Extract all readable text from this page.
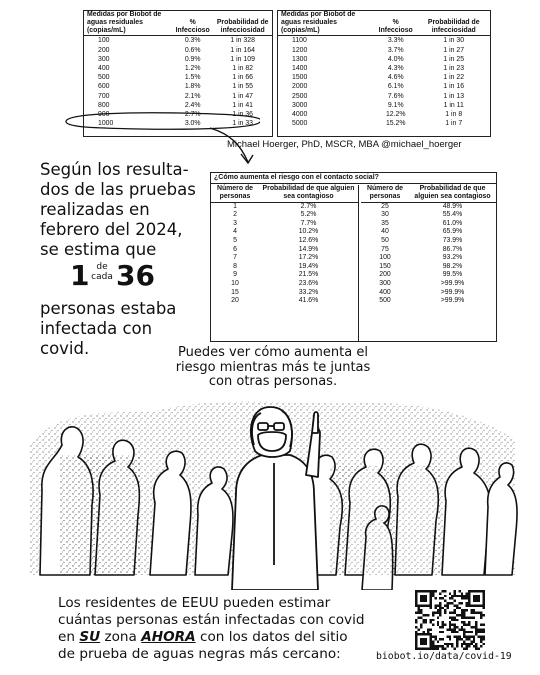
Medidas por Biobot de aguas residuales (copias/mL)	% Infeccioso	Probabilidad de infecciosidad
100	0.3%	1 in 328
200	0.6%	1 in 164
300	0.9%	1 in 109
400	1.2%	1 in 82
500	1.5%	1 in 66
600	1.8%	1 in 55
700	2.1%	1 in 47
800	2.4%	1 in 41
900	2.7%	1 in 36
1000	3.0%	1 in 33
Medidas por Biobot de aguas residuales (copias/mL)	% Infeccioso	Probabilidad de infecciosidad
1100	3.3%	1 in 30
1200	3.7%	1 in 27
1300	4.0%	1 in 25
1400	4.3%	1 in 23
1500	4.6%	1 in 22
2000	6.1%	1 in 16
2500	7.6%	1 in 13
3000	9.1%	1 in 11
4000	12.2%	1 in 8
5000	15.2%	1 in 7
Michael Hoerger, PhD, MSCR, MBA @michael_hoerger
Según los resulta-
dos de las pruebas
realizadas en
febrero del 2024,
se estima que
1 de
cada 36
personas estaba
infectada con
covid.
¿Cómo aumenta el riesgo con el contacto social?
Número de personas	Probabilidad de que alguien sea contagioso
1	2.7%
2	5.2%
3	7.7%
4	10.2%
5	12.6%
6	14.9%
7	17.2%
8	19.4%
9	21.5%
10	23.6%
15	33.2%
20	41.6%
Número de personas	Probabilidad de que alguien sea contagioso
25	48.9%
30	55.4%
35	61.0%
40	65.9%
50	73.9%
75	86.7%
100	93.2%
150	98.2%
200	99.5%
300	>99.9%
400	>99.9%
500	>99.9%
Puedes ver cómo aumenta el
riesgo mientras más te juntas
con otras personas.
Los residentes de EEUU pueden estimar
cuántas personas están infectadas con covid
en SU zona AHORA con los datos del sitio
de prueba de aguas negras más cercano:	biobot.io/data/covid-19
